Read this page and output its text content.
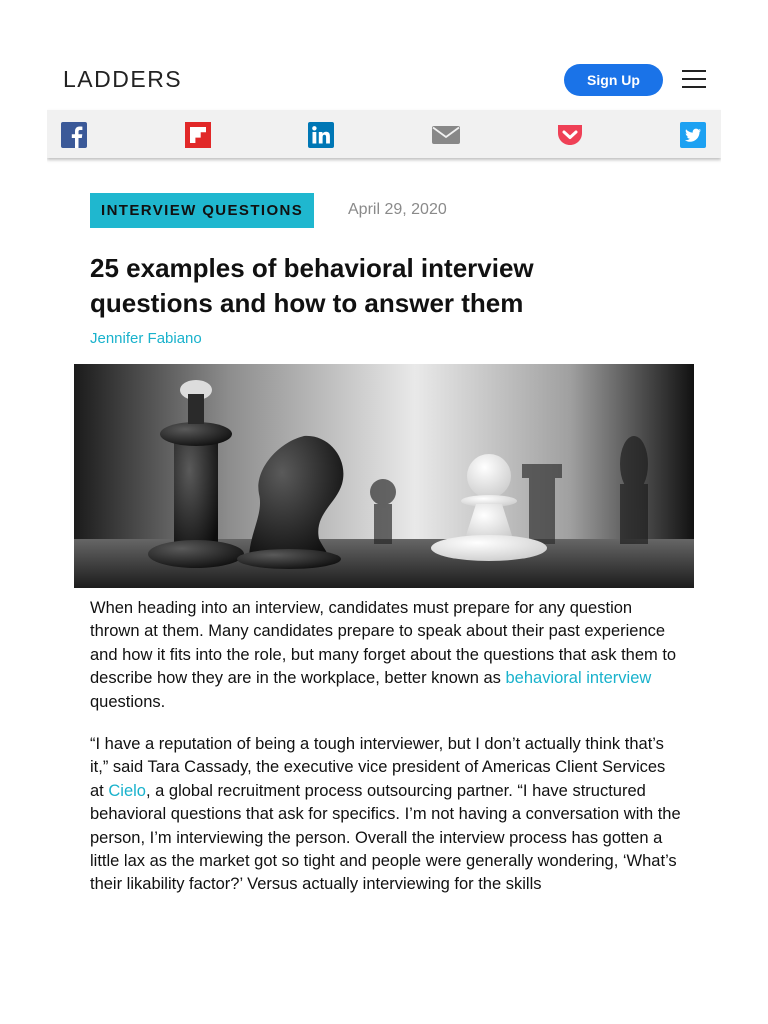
LADDERS	Sign Up
INTERVIEW QUESTIONS	April 29, 2020
25 examples of behavioral interview questions and how to answer them
Jennifer Fabiano

When heading into an interview, candidates must prepare for any question thrown at them. Many candidates prepare to speak about their past experience and how it fits into the role, but many forget about the questions that ask them to describe how they are in the workplace, better known as behavioral interview questions.

“I have a reputation of being a tough interviewer, but I don’t actually think that’s it,” said Tara Cassady, the executive vice president of Americas Client Services at Cielo, a global recruitment process outsourcing partner. “I have structured behavioral questions that ask for specifics. I’m not having a conversation with the person, I’m interviewing the person. Overall the interview process has gotten a little lax as the market got so tight and people were generally wondering, ‘What’s their likability factor?’ Versus actually interviewing for the skills
